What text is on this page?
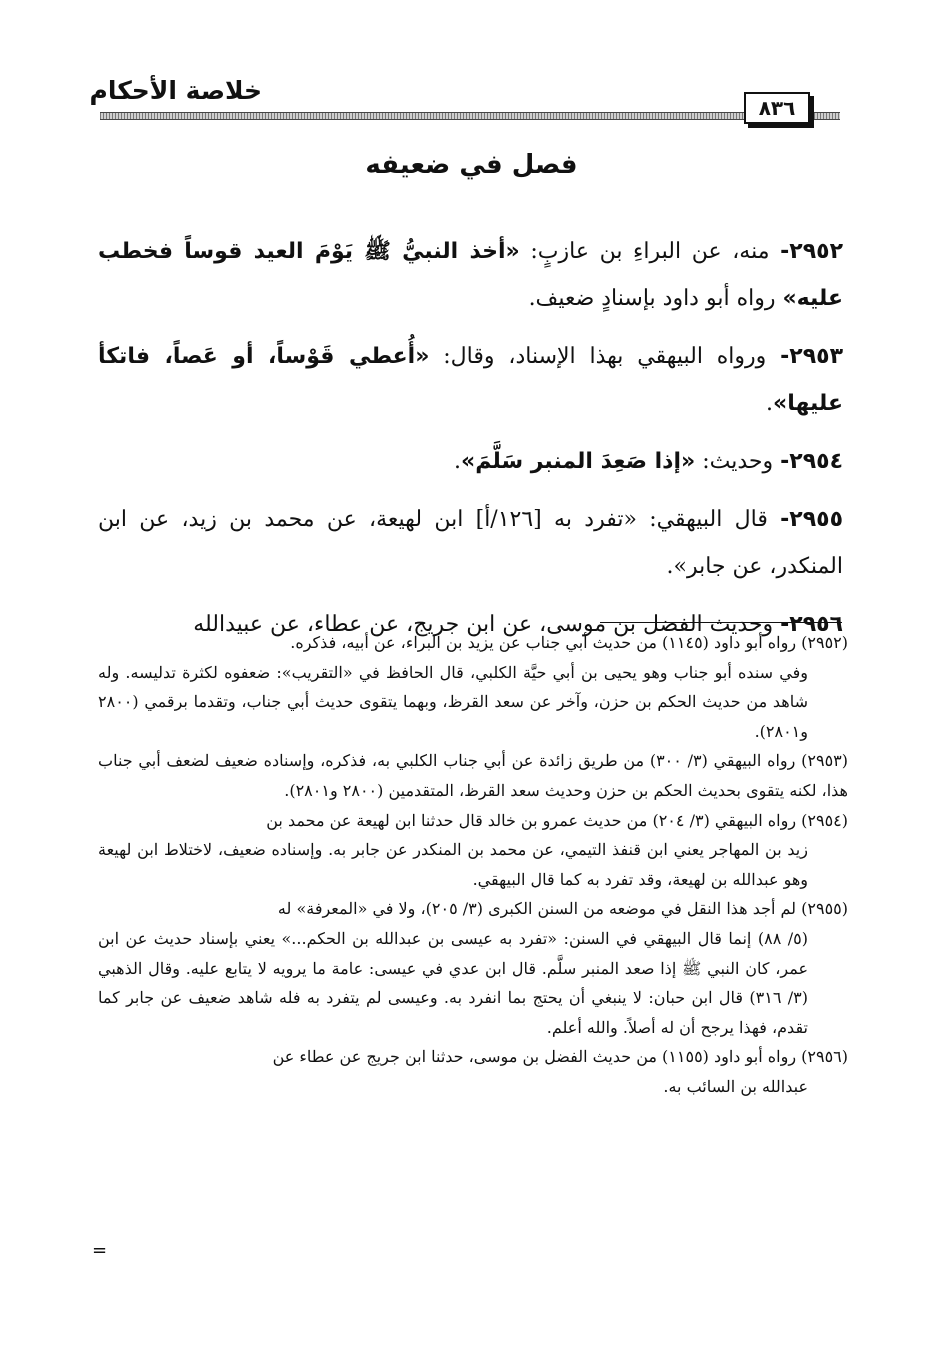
خلاصة الأحكام
٨٣٦
فصل في ضعيفه

٢٩٥٢- منه، عن البراءِ بن عازبٍ: «أخذ النبيُّ ﷺ يَوْمَ العيد قوساً فخطب عليه» رواه أبو داود بإسنادٍ ضعيف.

٢٩٥٣- ورواه البيهقي بهذا الإسناد، وقال: «أُعطي قَوْساً، أو عَصاً، فاتكأ عليها».

٢٩٥٤- وحديث: «إذا صَعِدَ المنبر سَلَّمَ».

٢٩٥٥- قال البيهقي: «تفرد به [١٢٦/أ] ابن لهيعة، عن محمد بن زيد، عن ابن المنكدر، عن جابر».

٢٩٥٦- وحديث الفضل بن موسى، عن ابن جريج، عن عطاء، عن عبيدالله

(٢٩٥٢) رواه أبو داود (١١٤٥) من حديث أبي جناب عن يزيد بن البراء، عن أبيه، فذكره.
وفي سنده أبو جناب وهو يحيى بن أبي حيَّة الكلبي، قال الحافظ في «التقريب»: ضعفوه لكثرة تدليسه. وله شاهد من حديث الحكم بن حزن، وآخر عن سعد القرظ، وبهما يتقوى حديث أبي جناب، وتقدما برقمي (٢٨٠٠ و٢٨٠١).

(٢٩٥٣) رواه البيهقي (٣/ ٣٠٠) من طريق زائدة عن أبي جناب الكلبي به، فذكره، وإسناده ضعيف لضعف أبي جناب هذا، لكنه يتقوى بحديث الحكم بن حزن وحديث سعد القرظ، المتقدمين (٢٨٠٠ و٢٨٠١).

(٢٩٥٤) رواه البيهقي (٣/ ٢٠٤) من حديث عمرو بن خالد قال حدثنا ابن لهيعة عن محمد بن
زيد بن المهاجر يعني ابن قنفذ التيمي، عن محمد بن المنكدر عن جابر به. وإسناده ضعيف، لاختلاط ابن لهيعة وهو عبدالله بن لهيعة، وقد تفرد به كما قال البيهقي.

(٢٩٥٥) لم أجد هذا النقل في موضعه من السنن الكبرى (٣/ ٢٠٥)، ولا في «المعرفة» له
(٥/ ٨٨) إنما قال البيهقي في السنن: «تفرد به عيسى بن عبدالله بن الحكم...» يعني بإسناد حديث عن ابن عمر، كان النبي ﷺ إذا صعد المنبر سلَّم. قال ابن عدي في عيسى: عامة ما يرويه لا يتابع عليه. وقال الذهبي (٣/ ٣١٦) قال ابن حبان: لا ينبغي أن يحتج بما انفرد به. وعيسى لم يتفرد به فله شاهد ضعيف عن جابر كما تقدم، فهذا يرجح أن له أصلاً. والله أعلم.

(٢٩٥٦) رواه أبو داود (١١٥٥) من حديث الفضل بن موسى، حدثنا ابن جريج عن عطاء عن
عبدالله بن السائب به.

=
